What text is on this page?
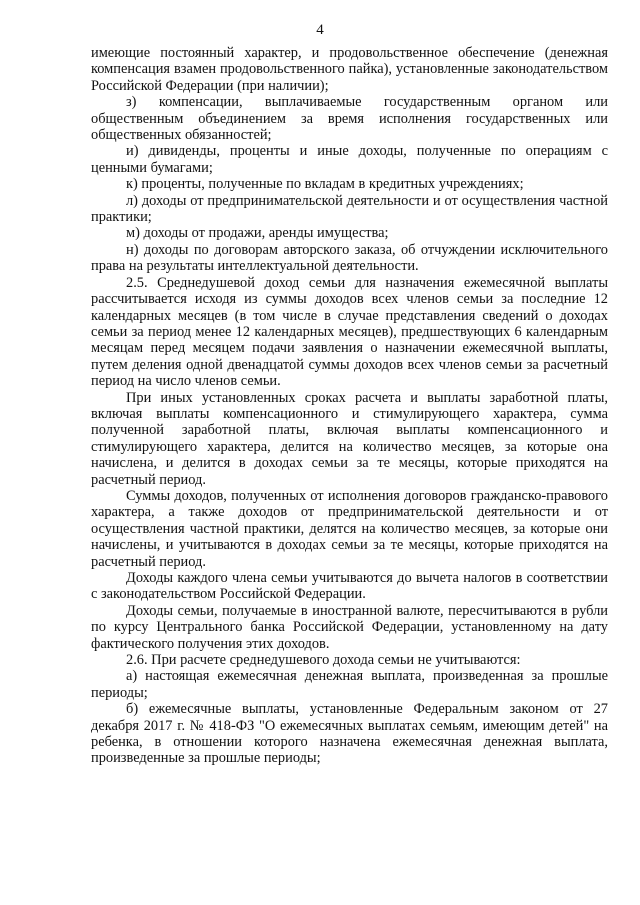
4

имеющие постоянный характер, и продовольственное обеспечение (денежная компенсация взамен продовольственного пайка), установленные законодательством Российской Федерации (при наличии);

з) компенсации, выплачиваемые государственным органом или общественным объединением за время исполнения государственных или общественных обязанностей;

и) дивиденды, проценты и иные доходы, полученные по операциям с ценными бумагами;

к) проценты, полученные по вкладам в кредитных учреждениях;

л) доходы от предпринимательской деятельности и от осуществления частной практики;

м) доходы от продажи, аренды имущества;

н) доходы по договорам авторского заказа, об отчуждении исключительного права на результаты интеллектуальной деятельности.

2.5. Среднедушевой доход семьи для назначения ежемесячной выплаты рассчитывается исходя из суммы доходов всех членов семьи за последние 12 календарных месяцев (в том числе в случае представления сведений о доходах семьи за период менее 12 календарных месяцев), предшествующих 6 календарным месяцам перед месяцем подачи заявления о назначении ежемесячной выплаты, путем деления одной двенадцатой суммы доходов всех членов семьи за расчетный период на число членов семьи.

При иных установленных сроках расчета и выплаты заработной платы, включая выплаты компенсационного и стимулирующего характера, сумма полученной заработной платы, включая выплаты компенсационного и стимулирующего характера, делится на количество месяцев, за которые она начислена, и делится в доходах семьи за те месяцы, которые приходятся на расчетный период.

Суммы доходов, полученных от исполнения договоров гражданско-правового характера, а также доходов от предпринимательской деятельности и от осуществления частной практики, делятся на количество месяцев, за которые они начислены, и учитываются в доходах семьи за те месяцы, которые приходятся на расчетный период.

Доходы каждого члена семьи учитываются до вычета налогов в соответствии с законодательством Российской Федерации.

Доходы семьи, получаемые в иностранной валюте, пересчитываются в рубли по курсу Центрального банка Российской Федерации, установленному на дату фактического получения этих доходов.

2.6. При расчете среднедушевого дохода семьи не учитываются:

а) настоящая ежемесячная денежная выплата, произведенная за прошлые периоды;

б) ежемесячные выплаты, установленные Федеральным законом от 27 декабря 2017 г. № 418-ФЗ "О ежемесячных выплатах семьям, имеющим детей" на ребенка, в отношении которого назначена ежемесячная денежная выплата, произведенные за прошлые периоды;
